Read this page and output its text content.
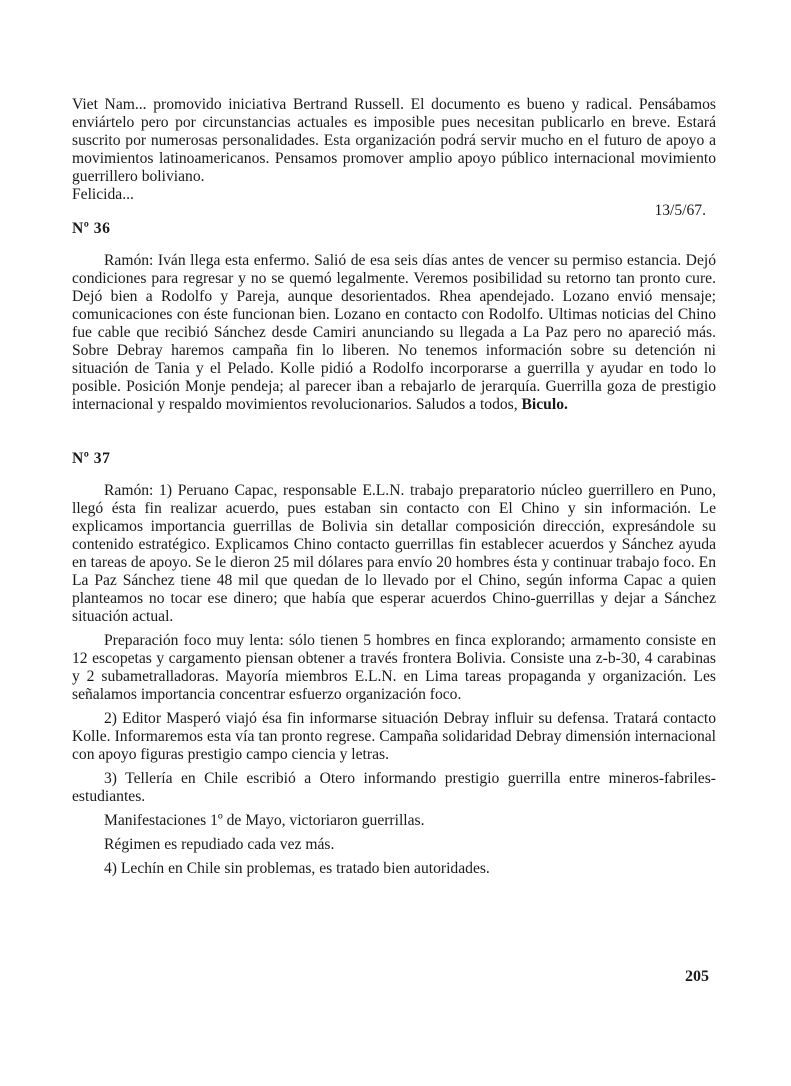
Viet Nam... promovido iniciativa Bertrand Russell. El documento es bueno y radical. Pensábamos enviártelo pero por circunstancias actuales es imposible pues necesitan publicarlo en breve. Estará suscrito por numerosas personalidades. Esta organización podrá servir mucho en el futuro de apoyo a movimientos latinoamericanos. Pensamos promover amplio apoyo público internacional movimiento guerrillero boliviano.

Felicida...

13/5/67.
Nº 36

Ramón: Iván llega esta enfermo. Salió de esa seis días antes de vencer su permiso estancia. Dejó condiciones para regresar y no se quemó legalmente. Veremos posibilidad su retorno tan pronto cure. Dejó bien a Rodolfo y Pareja, aunque desorientados. Rhea apendejado. Lozano envió mensaje; comunicaciones con éste funcionan bien. Lozano en contacto con Rodolfo. Ultimas noticias del Chino fue cable que recibió Sánchez desde Camiri anunciando su llegada a La Paz pero no apareció más. Sobre Debray haremos campaña fin lo liberen. No tenemos información sobre su detención ni situación de Tania y el Pelado. Kolle pidió a Rodolfo incorporarse a guerrilla y ayudar en todo lo posible. Posición Monje pendeja; al parecer iban a rebajarlo de jerarquía. Guerrilla goza de prestigio internacional y respaldo movimientos revolucionarios. Saludos a todos, Biculo.

Nº 37

Ramón: 1) Peruano Capac, responsable E.L.N. trabajo preparatorio núcleo guerrillero en Puno, llegó ésta fin realizar acuerdo, pues estaban sin contacto con El Chino y sin información. Le explicamos importancia guerrillas de Bolivia sin detallar composición dirección, expresándole su contenido estratégico. Explicamos Chino contacto guerrillas fin establecer acuerdos y Sánchez ayuda en tareas de apoyo. Se le dieron 25 mil dólares para envío 20 hombres ésta y continuar trabajo foco. En La Paz Sánchez tiene 48 mil que quedan de lo llevado por el Chino, según informa Capac a quien planteamos no tocar ese dinero; que había que esperar acuerdos Chino-guerrillas y dejar a Sánchez situación actual.

Preparación foco muy lenta: sólo tienen 5 hombres en finca explorando; armamento consiste en 12 escopetas y cargamento piensan obtener a través frontera Bolivia. Consiste una z-b-30, 4 carabinas y 2 subametralladoras. Mayoría miembros E.L.N. en Lima tareas propaganda y organización. Les señalamos importancia concentrar esfuerzo organización foco.

2) Editor Masperó viajó ésa fin informarse situación Debray influir su defensa. Tratará contacto Kolle. Informaremos esta vía tan pronto regrese. Campaña solidaridad Debray dimensión internacional con apoyo figuras prestigio campo ciencia y letras.

3) Tellería en Chile escribió a Otero informando prestigio guerrilla entre mineros-fabriles-estudiantes.

Manifestaciones 1º de Mayo, victoriaron guerrillas.

Régimen es repudiado cada vez más.

4) Lechín en Chile sin problemas, es tratado bien autoridades.

205
